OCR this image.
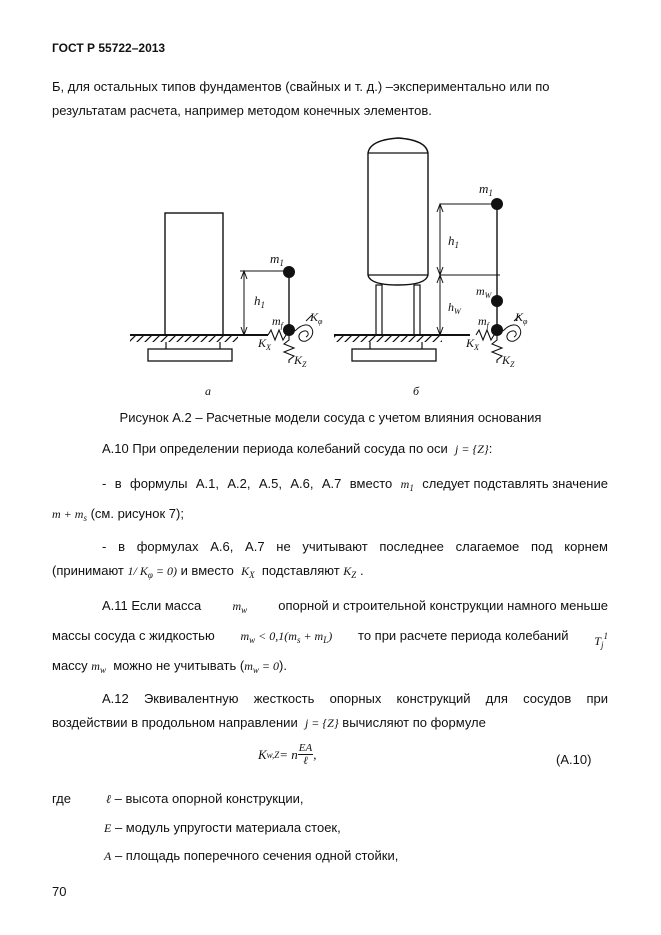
ГОСТ Р 55722–2013
Б, для остальных типов фундаментов (свайных и т. д.) –экспериментально или по
результатам расчета, например методом конечных элементов.
$m_1$
$h_1$
$m_f$
$K_\varphi$
$K_X$
$K_Z$
$m_1$
$h_1$
$m_W$
$h_W$
$m_f$
$K_\varphi$
$K_X$
$K_Z$
а	б
Рисунок А.2 – Расчетные модели сосуда с учетом влияния основания
А.10 При определении периода колебаний сосуда по оси j = {Z}:
- в формулы А.1, А.2, А.5, А.6, А.7 вместо $m_1$ следует подставлять значение
$m + m_s$ (см. рисунок 7);
- в формулах А.6, А.7 не учитывают последнее слагаемое под корнем
(принимают 1/ $K_\varphi = 0$) и вместо $K_X$ подставляют $K_Z$ .
А.11 Если масса	$m_w$ опорной и строительной конструкции намного меньше
массы сосуда с жидкостью $m_w < 0,1(m_s + m_L)$ то при расчете периода колебаний $T_j^1$
массу $m_w$ можно не учитывать $(m_w = 0)$.
А.12 Эквивалентную жесткость опорных конструкций для сосудов при
воздействии в продольном направлении j = {Z} вычисляют по формуле
K w,Z = n $\frac{EA}{\text{ℓ}}$ ,	(А.10)
где	ℓ – высота опорной конструкции,
E – модуль упругости материала стоек,
A – площадь поперечного сечения одной стойки,
70
